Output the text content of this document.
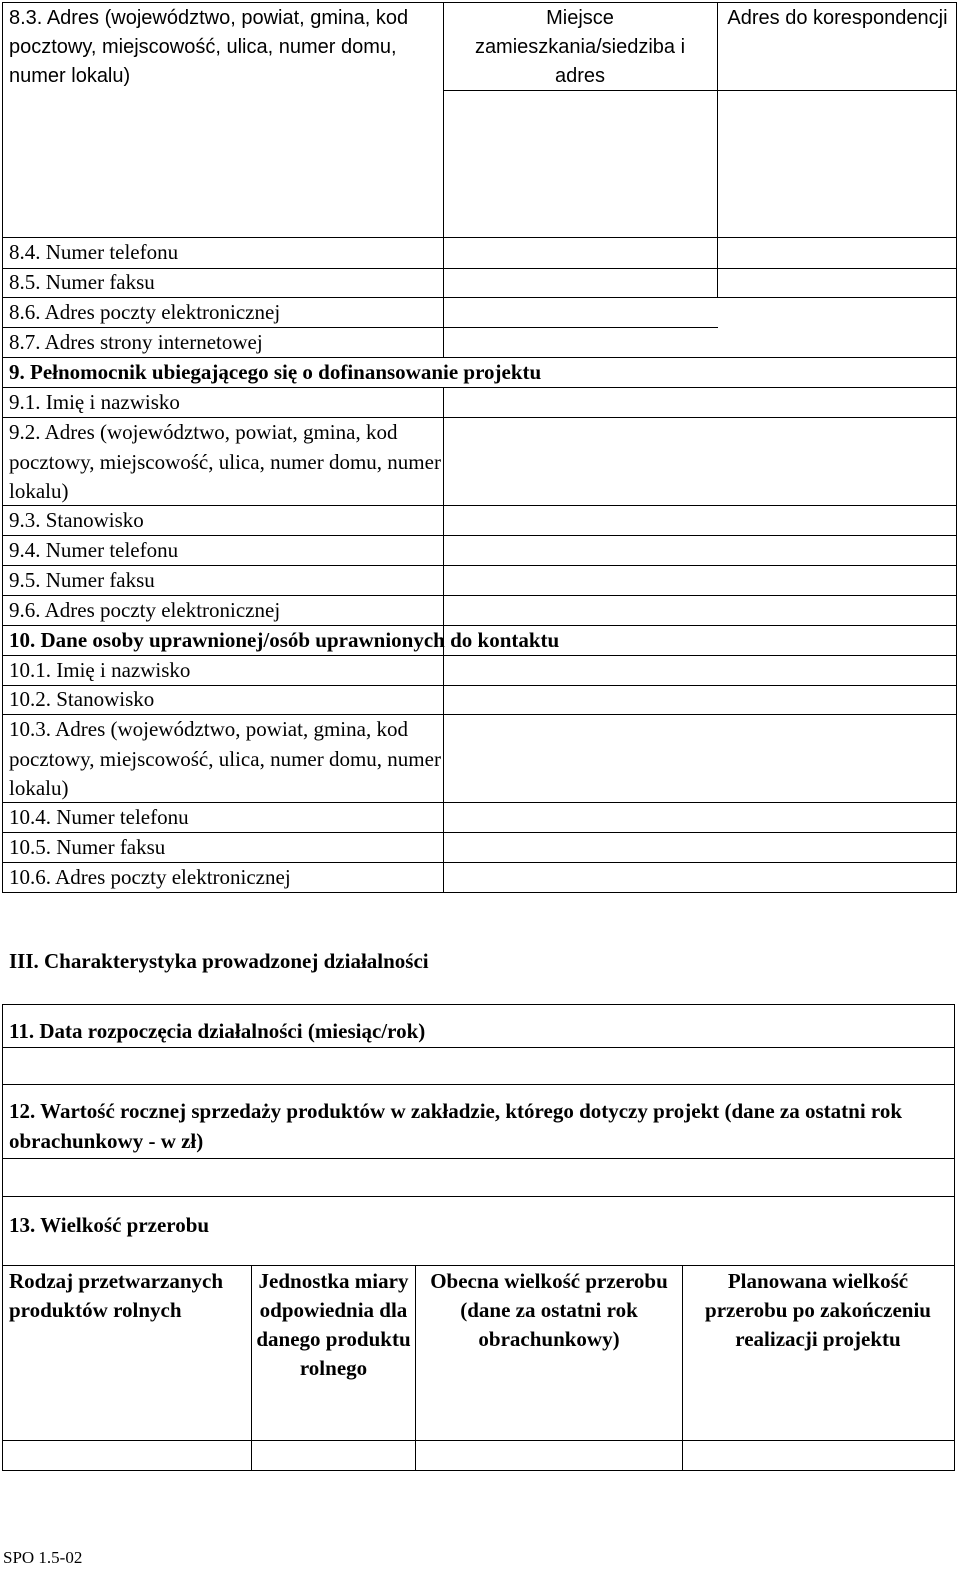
8.3. Adres (województwo, powiat, gmina, kod pocztowy, miejscowość, ulica, numer domu, numer lokalu)
Miejsce zamieszkania/siedziba i adres
Adres do korespondencji
8.4. Numer telefonu
8.5. Numer faksu
8.6. Adres poczty elektronicznej
8.7. Adres strony internetowej
9. Pełnomocnik ubiegającego się o dofinansowanie projektu
9.1. Imię i nazwisko
9.2. Adres (województwo, powiat, gmina, kod pocztowy, miejscowość, ulica, numer domu, numer lokalu)
9.3. Stanowisko
9.4. Numer telefonu
9.5. Numer faksu
9.6. Adres poczty elektronicznej
10. Dane osoby uprawnionej/osób uprawnionych do kontaktu
10.1. Imię i nazwisko
10.2. Stanowisko
10.3. Adres (województwo, powiat, gmina, kod pocztowy, miejscowość, ulica, numer domu, numer lokalu)
10.4. Numer telefonu
10.5. Numer faksu
10.6. Adres poczty elektronicznej
III. Charakterystyka prowadzonej działalności
11. Data rozpoczęcia działalności (miesiąc/rok)
12. Wartość rocznej sprzedaży produktów w zakładzie, którego dotyczy projekt (dane za ostatni rok obrachunkowy - w zł)
13. Wielkość przerobu
Rodzaj przetwarzanych produktów rolnych
Jednostka miary odpowiednia dla danego produktu rolnego
Obecna wielkość przerobu (dane za ostatni rok obrachunkowy)
Planowana wielkość przerobu po zakończeniu realizacji projektu
SPO 1.5-02
